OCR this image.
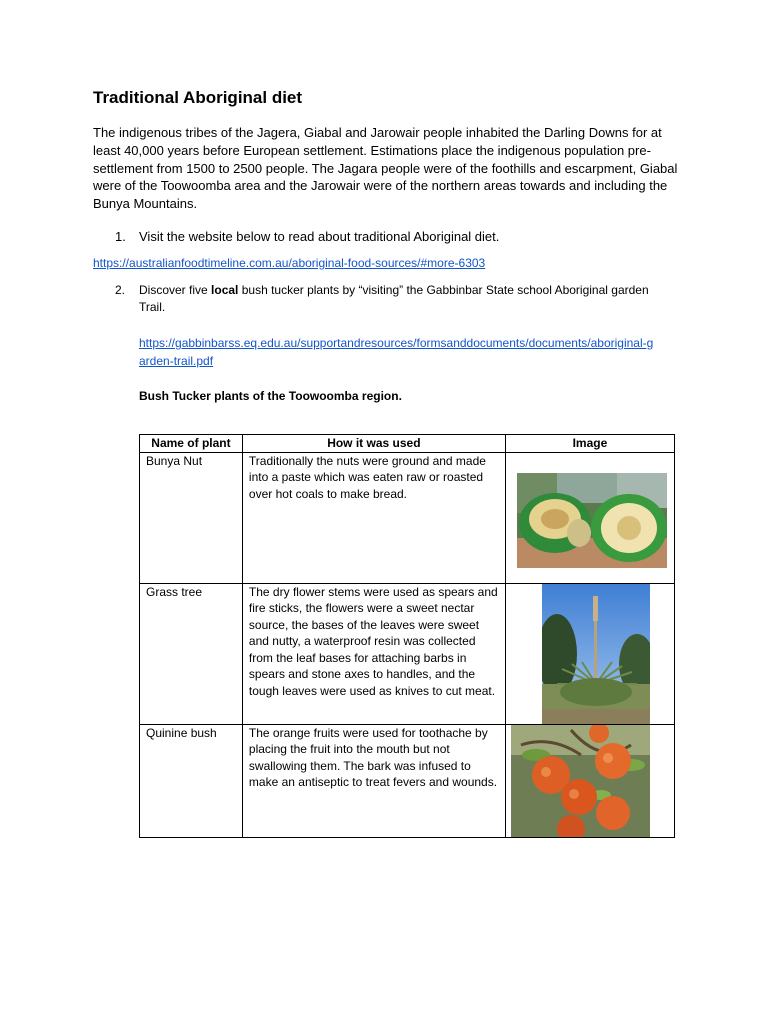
Traditional Aboriginal diet

The indigenous tribes of the Jagera, Giabal and Jarowair people inhabited the Darling Downs for at least 40,000 years before European settlement. Estimations place the indigenous population pre-settlement from 1500 to 2500 people. The Jagara people were of the foothills and escarpment, Giabal were of the Toowoomba area and the Jarowair were of the northern areas towards and including the Bunya Mountains.

1. Visit the website below to read about traditional Aboriginal diet.

https://australianfoodtimeline.com.au/aboriginal-food-sources/#more-6303
2.	Discover five local bush tucker plants by “visiting” the Gabbinbar State school Aboriginal garden Trail.
https://gabbinbarss.eq.edu.au/supportandresources/formsanddocuments/documents/aboriginal-garden-trail.pdf

Bush Tucker plants of the Toowoomba region.

Name of plant	How it was used	Image
Bunya Nut	Traditionally the nuts were ground and made into a paste which was eaten raw or roasted over hot coals to make bread.	

Grass tree	The dry flower stems were used as spears and fire sticks, the flowers were a sweet nectar source, the bases of the leaves were sweet and nutty, a waterproof resin was collected from the leaf bases for attaching barbs in spears and stone axes to handles, and the tough leaves were used as knives to cut meat.	

Quinine bush	The orange fruits were used for toothache by placing the fruit into the mouth but not swallowing them. The bark was infused to make an antiseptic to treat fevers and wounds.	
